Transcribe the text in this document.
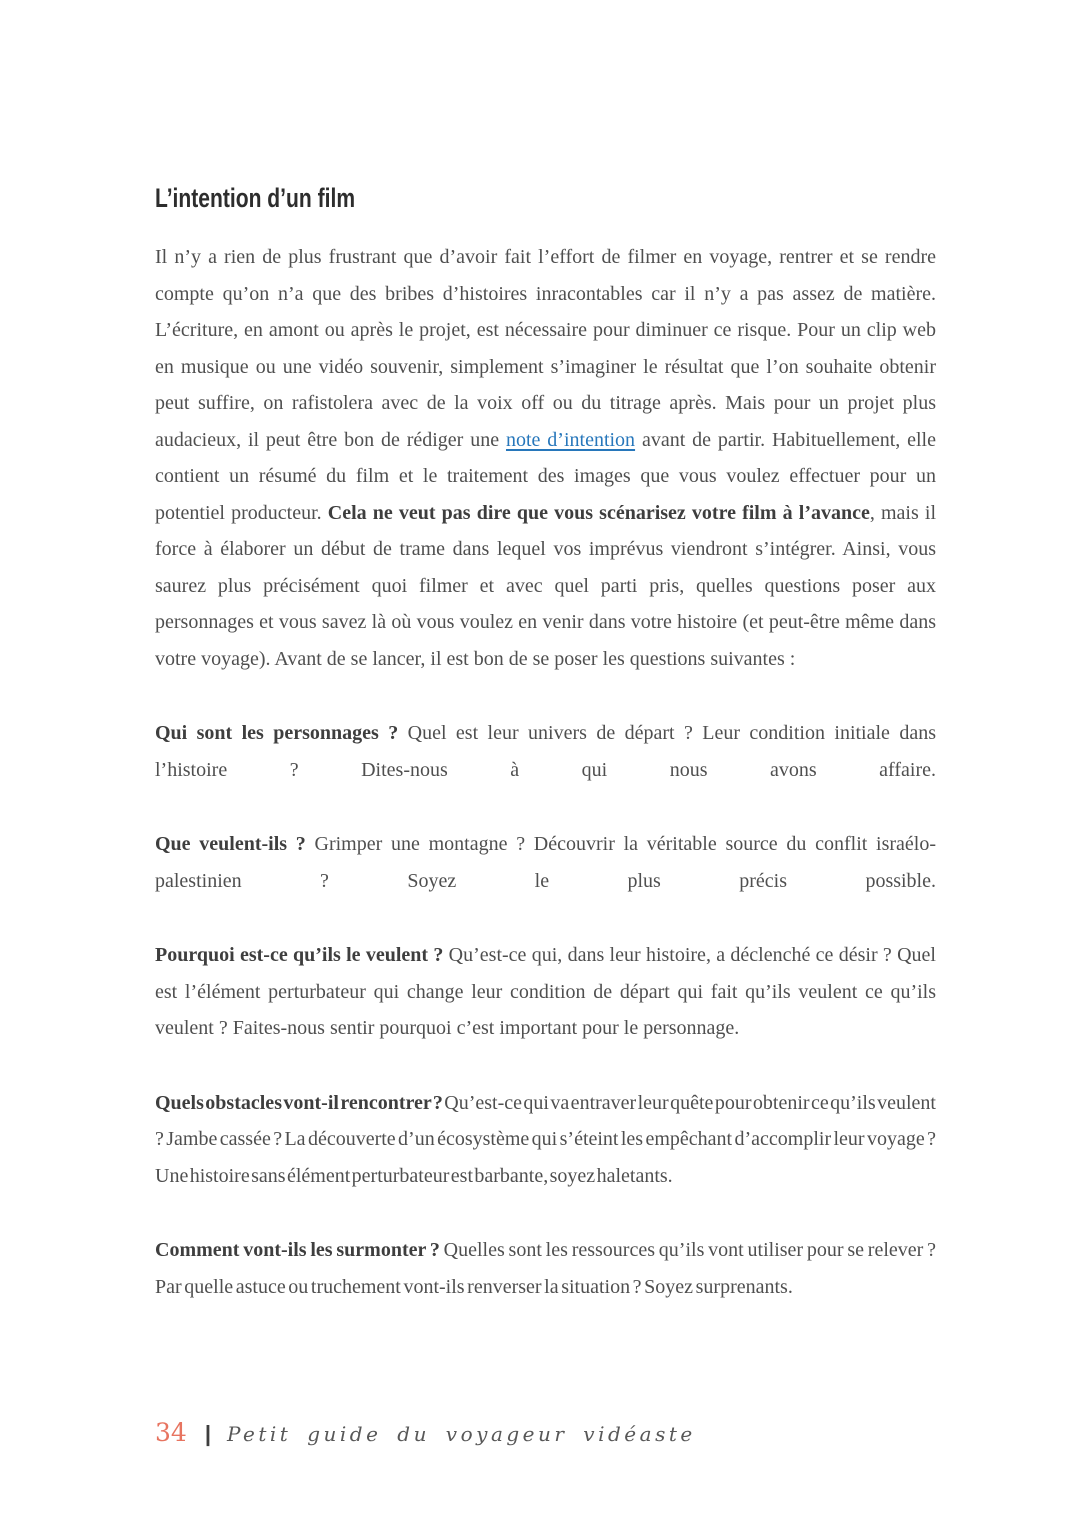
L’intention d’un film

Il n’y a rien de plus frustrant que d’avoir fait l’effort de filmer en voyage, rentrer et se rendre compte qu’on n’a que des bribes d’histoires inracontables car il n’y a pas assez de matière. L’écriture, en amont ou après le projet, est nécessaire pour diminuer ce risque. Pour un clip web en musique ou une vidéo souvenir, simplement s’imaginer le résultat que l’on souhaite obtenir peut suffire, on rafistolera avec de la voix off ou du titrage après. Mais pour un projet plus audacieux, il peut être bon de rédiger une note d’intention avant de partir. Habituellement, elle contient un résumé du film et le traitement des images que vous voulez effectuer pour un potentiel producteur. Cela ne veut pas dire que vous scénarisez votre film à l’avance, mais il force à élaborer un début de trame dans lequel vos imprévus viendront s’intégrer. Ainsi, vous saurez plus précisément quoi filmer et avec quel parti pris, quelles questions poser aux personnages et vous savez là où vous voulez en venir dans votre histoire (et peut-être même dans votre voyage). Avant de se lancer, il est bon de se poser les questions suivantes :

Qui sont les personnages ? Quel est leur univers de départ ? Leur condition initiale dans l’histoire ? Dites-nous à qui nous avons affaire.

Que veulent-ils ? Grimper une montagne ? Découvrir la véritable source du conflit israélo-palestinien ? Soyez le plus précis possible.

Pourquoi est-ce qu’ils le veulent ? Qu’est-ce qui, dans leur histoire, a déclenché ce désir ? Quel est l’élément perturbateur qui change leur condition de départ qui fait qu’ils veulent ce qu’ils veulent ? Faites-nous sentir pourquoi c’est important pour le personnage.

Quels obstacles vont-il rencontrer ? Qu’est-ce qui va entraver leur quête pour obtenir ce qu’ils veulent ? Jambe cassée ? La découverte d’un écosystème qui s’éteint les empêchant d’accomplir leur voyage ? Une histoire sans élément perturbateur est barbante, soyez haletants.

Comment vont-ils les surmonter ? Quelles sont les ressources qu’ils vont utiliser pour se relever ? Par quelle astuce ou truchement vont-ils renverser la situation ? Soyez surprenants.

34 | Petit guide du voyageur vidéaste
